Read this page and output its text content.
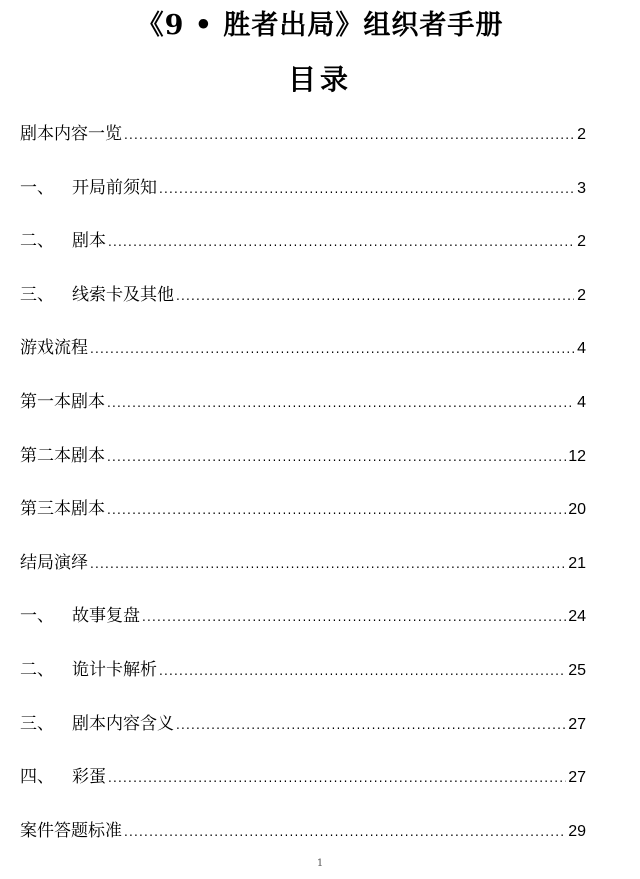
《9 • 胜者出局》组织者手册
目录
剧本内容一览 .....	2
一、	开局前须知 .....	3
二、	剧本 .....	2
三、	线索卡及其他 .....	2
游戏流程 .....	4
第一本剧本 .....	4
第二本剧本 .....	12
第三本剧本 .....	20
结局演绎 .....	21
一、	故事复盘 .....	24
二、	诡计卡解析 .....	25
三、	剧本内容含义 .....	27
四、	彩蛋 .....	27
案件答题标准 .....	29
1
